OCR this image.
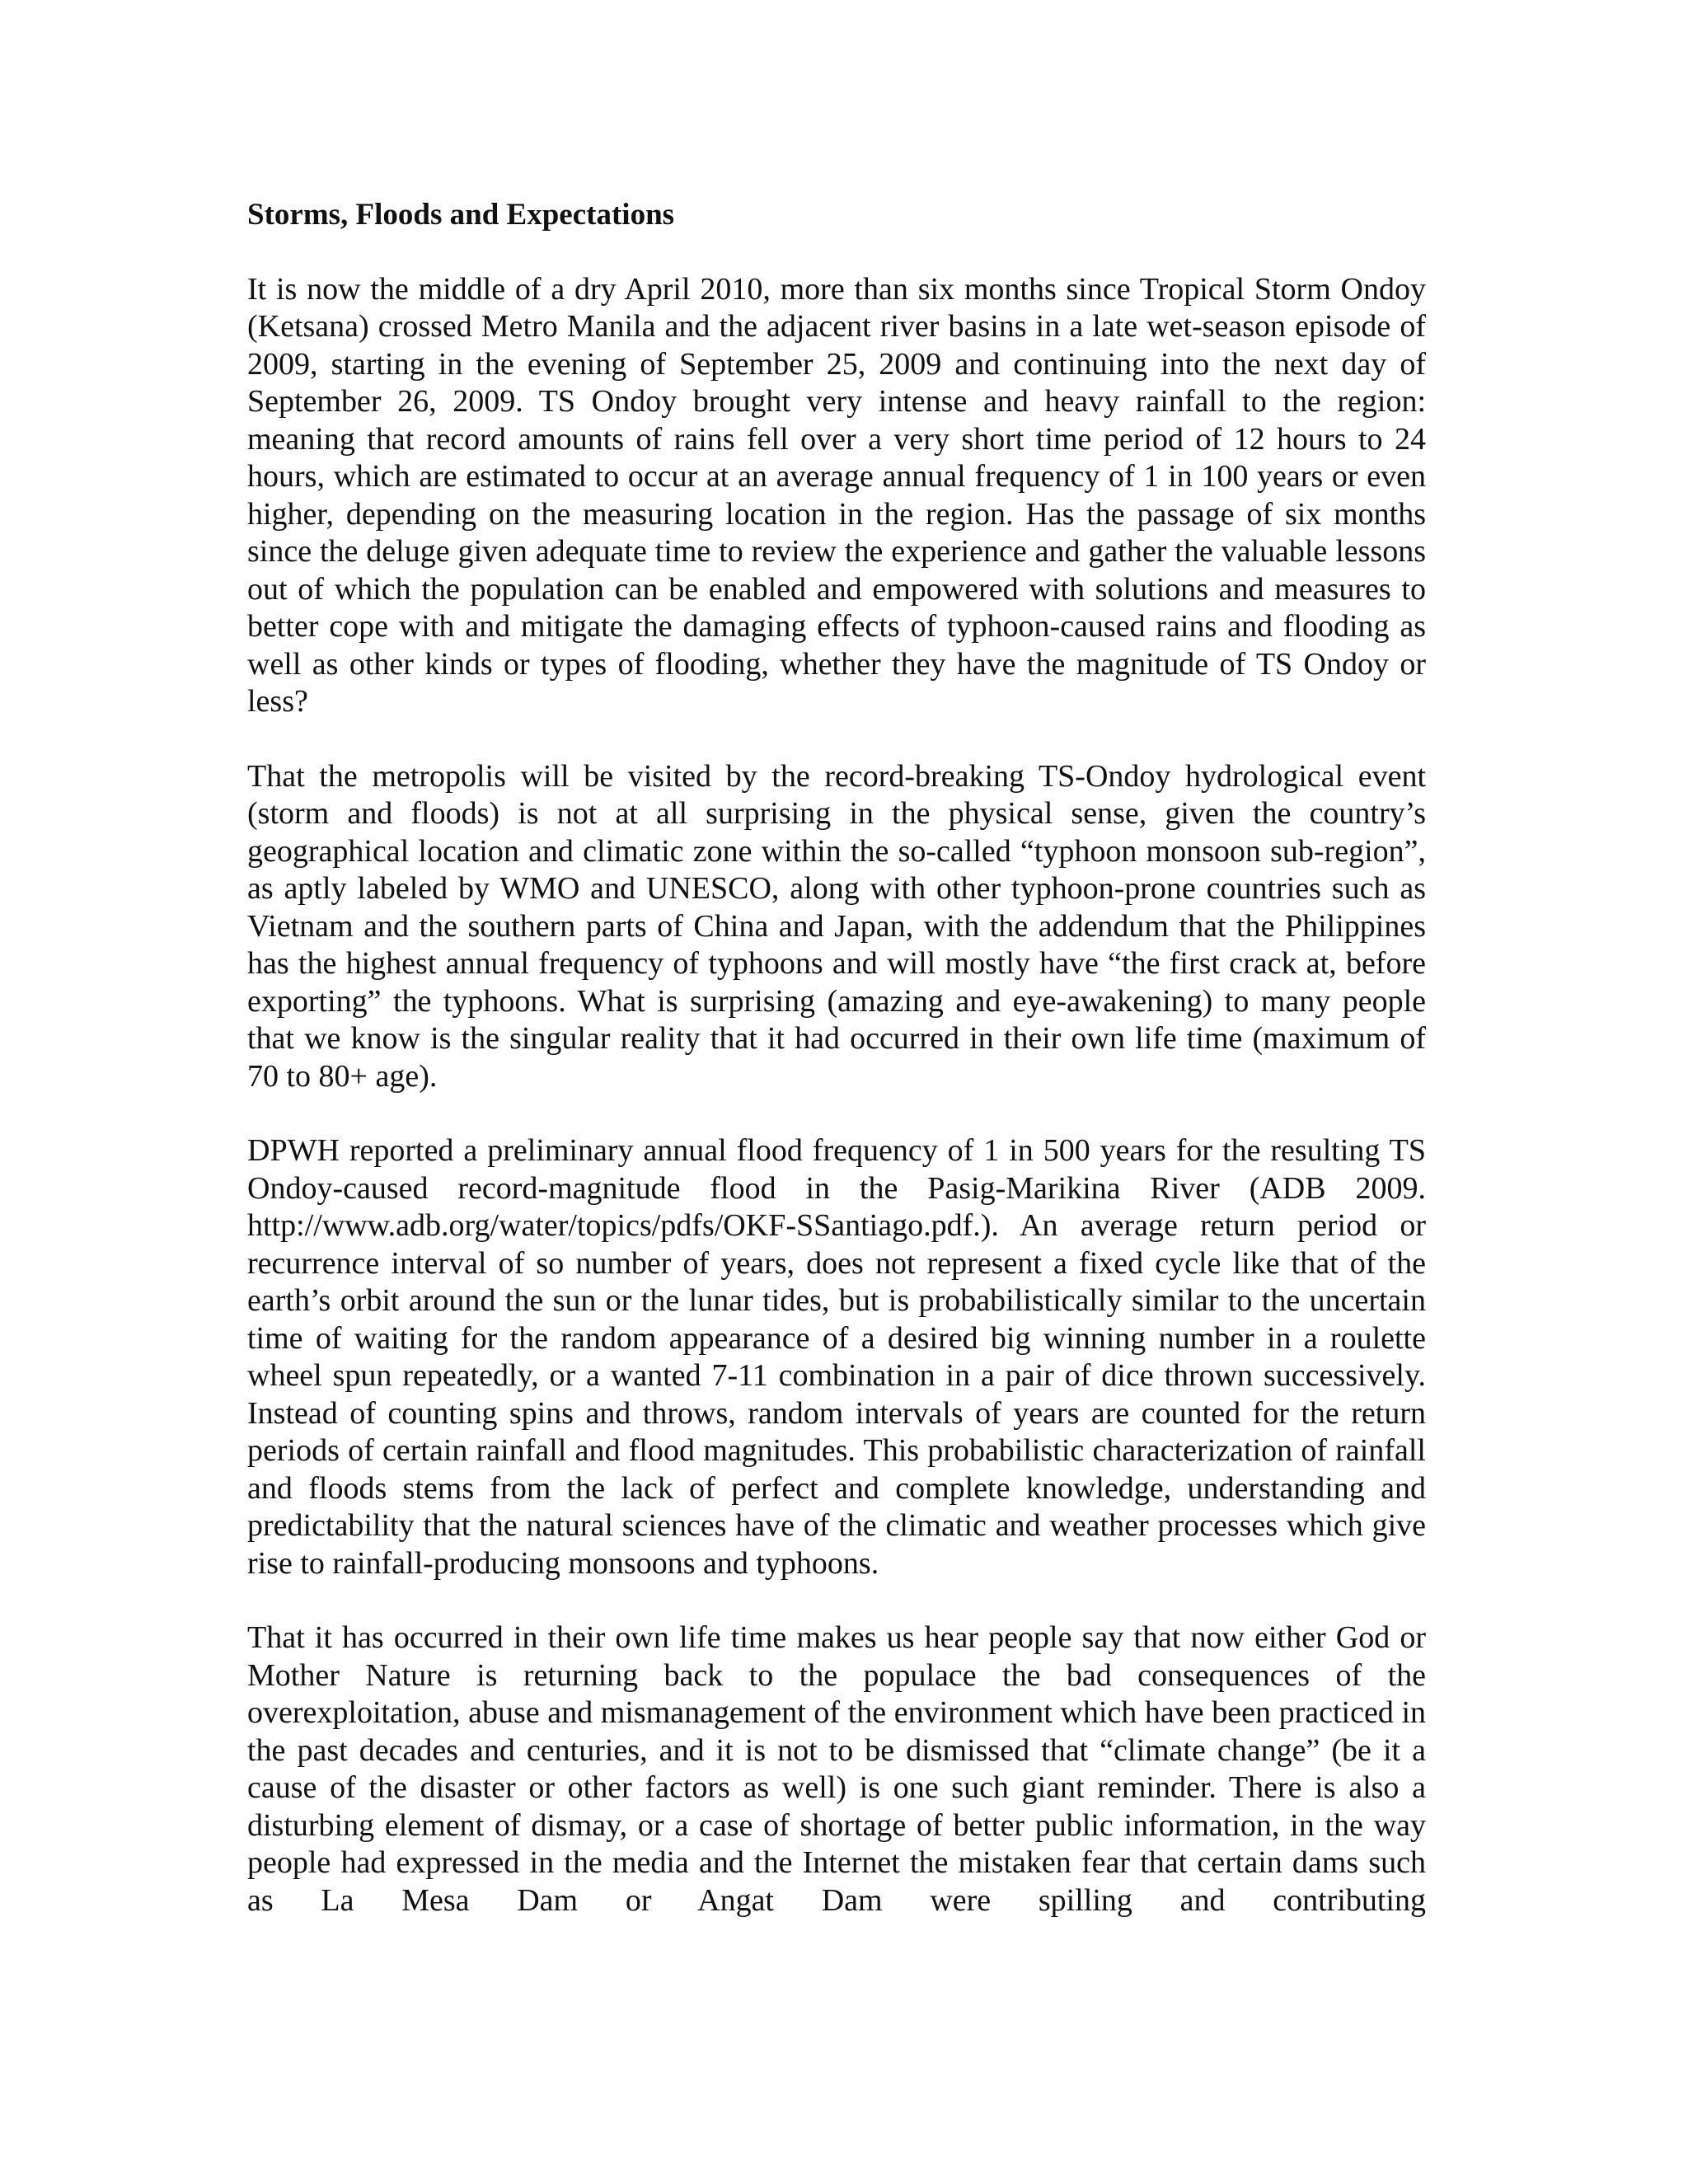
Storms, Floods and Expectations

It is now the middle of a dry April 2010, more than six months since Tropical Storm Ondoy (Ketsana) crossed Metro Manila and the adjacent river basins in a late wet-season episode of 2009, starting in the evening of September 25, 2009 and continuing into the next day of September 26, 2009. TS Ondoy brought very intense and heavy rainfall to the region: meaning that record amounts of rains fell over a very short time period of 12 hours to 24 hours, which are estimated to occur at an average annual frequency of 1 in 100 years or even higher, depending on the measuring location in the region. Has the passage of six months since the deluge given adequate time to review the experience and gather the valuable lessons out of which the population can be enabled and empowered with solutions and measures to better cope with and mitigate the damaging effects of typhoon-caused rains and flooding as well as other kinds or types of flooding, whether they have the magnitude of TS Ondoy or less?

That the metropolis will be visited by the record-breaking TS-Ondoy hydrological event (storm and floods) is not at all surprising in the physical sense, given the country’s geographical location and climatic zone within the so-called “typhoon monsoon sub-region”, as aptly labeled by WMO and UNESCO, along with other typhoon-prone countries such as Vietnam and the southern parts of China and Japan, with the addendum that the Philippines has the highest annual frequency of typhoons and will mostly have “the first crack at, before exporting” the typhoons. What is surprising (amazing and eye-awakening) to many people that we know is the singular reality that it had occurred in their own life time (maximum of 70 to 80+ age).

DPWH reported a preliminary annual flood frequency of 1 in 500 years for the resulting TS Ondoy-caused record-magnitude flood in the Pasig-Marikina River (ADB 2009. http://www.adb.org/water/topics/pdfs/OKF-SSantiago.pdf.). An average return period or recurrence interval of so number of years, does not represent a fixed cycle like that of the earth’s orbit around the sun or the lunar tides, but is probabilistically similar to the uncertain time of waiting for the random appearance of a desired big winning number in a roulette wheel spun repeatedly, or a wanted 7-11 combination in a pair of dice thrown successively. Instead of counting spins and throws, random intervals of years are counted for the return periods of certain rainfall and flood magnitudes. This probabilistic characterization of rainfall and floods stems from the lack of perfect and complete knowledge, understanding and predictability that the natural sciences have of the climatic and weather processes which give rise to rainfall-producing monsoons and typhoons.

That it has occurred in their own life time makes us hear people say that now either God or Mother Nature is returning back to the populace the bad consequences of the overexploitation, abuse and mismanagement of the environment which have been practiced in the past decades and centuries, and it is not to be dismissed that “climate change” (be it a cause of the disaster or other factors as well) is one such giant reminder. There is also a disturbing element of dismay, or a case of shortage of better public information, in the way people had expressed in the media and the Internet the mistaken fear that certain dams such as La Mesa Dam or Angat Dam were spilling and contributing
